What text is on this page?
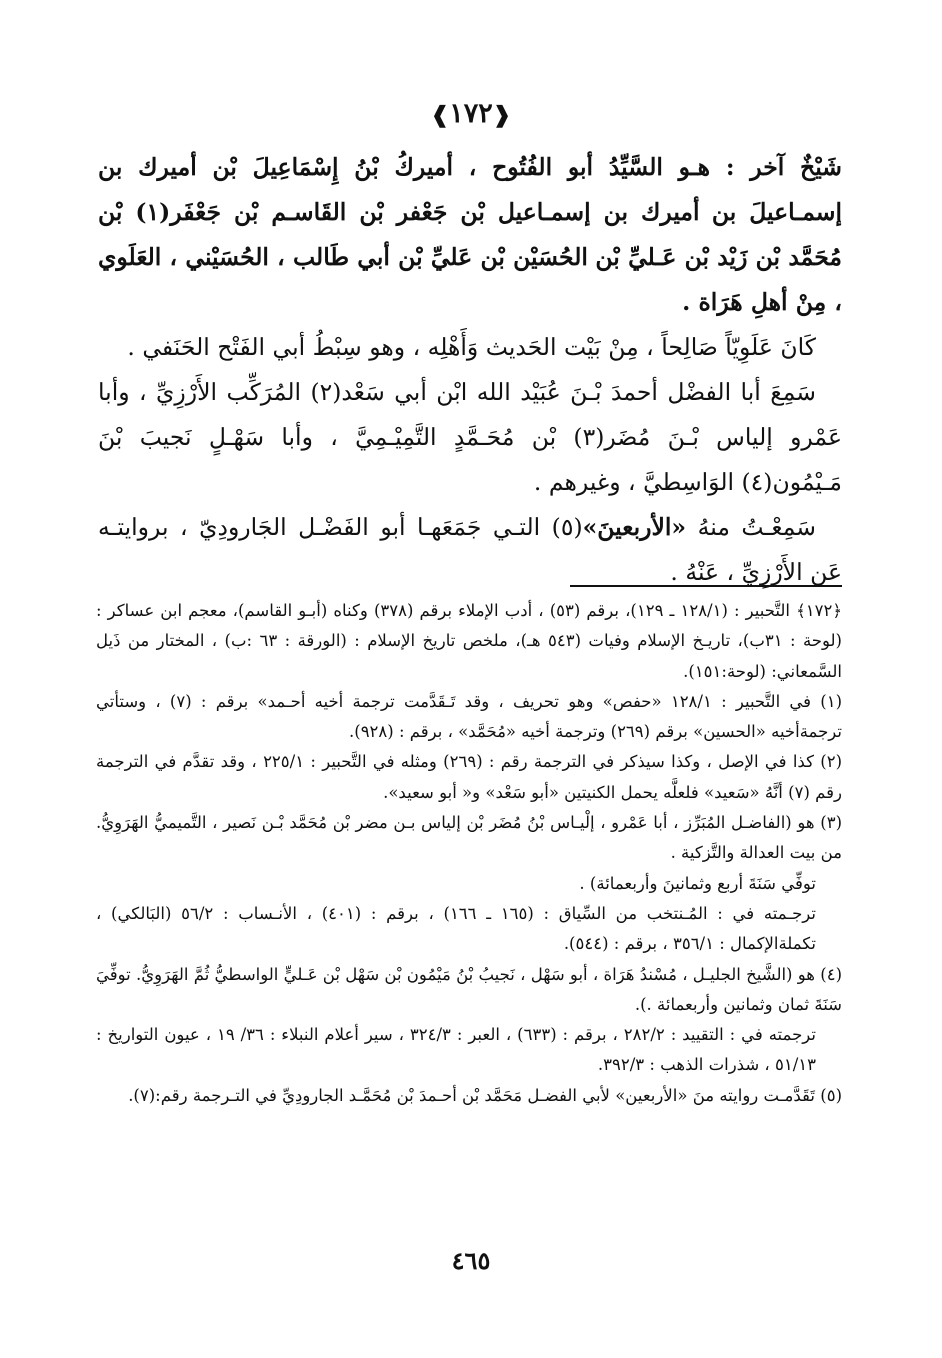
❰١٧٢❱

شَيْخٌ آخر : هـو السَّيِّدُ أبو الفُتُوح ، أميركُ بْنُ إِسْمَاعِيلَ بْن أميرك بن إسمـاعيلَ بن أميرك بن إسمـاعيل بْن جَعْفر بْن القَاسـم بْن جَعْفَر(١) بْن مُحَمَّد بْن زَيْد بْن عَـليِّ بْن الحُسَيْن بْن عَليِّ بْن أبي طَالب ، الحُسَيْني ، العَلَوي ، مِنْ أهلِ هَرَاة .

كَانَ عَلَوِيّاً صَالِحاً ، مِنْ بَيْت الحَديث وَأَهْلِه ، وهو سِبْطُ أبي الفَتْح الحَنَفي .

سَمِعَ أبا الفضْل أحمدَ بْـنَ عُبَيْد الله ابْن أبي سَعْد(٢) المُرَكِّب الأَرْزِيِّ ، وأبا عَمْرو إلياس بْـنَ مُضَر(٣) بْن مُحَـمَّدٍ التَّمِيْـمِيَّ ، وأبا سَهْـلٍ نَجيبَ بْنَ مَـيْمُون(٤) الوَاسِطيَّ ، وغيرهم .

سَمِعْـتُ منهُ «الأربعينَ»(٥) التـي جَمَعَهـا أبو الفَضْـل الجَارودِيّ ، بروايتـه عَن الأَرْزِيِّ ، عَنْهُ .

﴿١٧٢﴾ التَّحبير : (١٢٨/١ ـ ١٢٩)، برقم (٥٣) ، أدب الإملاء برقم (٣٧٨) وكناه (أبـو القاسم)، معجم ابن عساكر : (لوحة : ٣١ب)، تاريـخ الإسلام وفيات (٥٤٣ هـ)، ملخص تاريخ الإسلام : (الورقة : ٦٣ :ب) ، المختار من ذَيل السَّمعاني: (لوحة:١٥١).

(١) في التَّحبير : ١٢٨/١ «حفص» وهو تحريف ، وقد تَـقَدَّمت ترجمة أخيه أحـمد» برقم : (٧) ، وستأتي ترجمةأخيه «الحسين» برقم (٢٦٩) وترجمة أخيه «مُحَمَّد» ، برقم : (٩٢٨).

(٢) كذا في الإصل ، وكذا سيذكر في الترجمة رقم : (٢٦٩) ومثله في التَّحبير : ٢٢٥/١ ، وقد تقدَّم في الترجمة رقم (٧) أنَّهُ «سَعيد» فلعلَّه يحمل الكنيتين «أبو سَعْد» و« أبو سعيد».

(٣) هو (الفاضـل المُبَرِّز ، أبا عَمْرو ، إلْيـاس بْنُ مُضَر بْن إلياس بـن مضر بْن مُحَمَّد بْـن نَصير ، التَّميميُّ الهَرَوِيُّ. من بيت العدالة والتَّزكية .

توفِّي سَنَةَ أربع وثمانينَ وأربعمائة) .

ترجـمته في : المُـنتخب من السِّياق : (١٦٥ ـ ١٦٦) ، برقم : (٤٠١) ، الأنـساب : ٥٦/٢ (البَالكي) ، تكملةالإكمال : ٣٥٦/١ ، برقم : (٥٤٤).

(٤) هو (الشَّيخ الجليـل ، مُسْندُ هَرَاة ، أبو سَهْل ، نَجيبُ بْنُ مَيْمُون بْن سَهْل بْن عَـليٍّ الواسطيُّ ثُمَّ الهَرَوِيُّ. توفِّيَ سَنَةَ ثمان وثمانين وأربعمائة .).

ترجمته في : التقييد : ٢٨٢/٢ ، برقم : (٦٣٣) ، العبر : ٣٢٤/٣ ، سير أعلام النبلاء : ٣٦/ ١٩ ، عيون التواريخ : ٥١/١٣ ، شذرات الذهب : ٣٩٢/٣.

(٥) تَقَدَّمـت روايته منَ «الأربعين» لأبي الفضـل مَحَمَّد بْن أحـمدَ بْن مُحَمَّـد الجارودِيِّ في التـرجمة رقم:(٧).

٤٦٥
